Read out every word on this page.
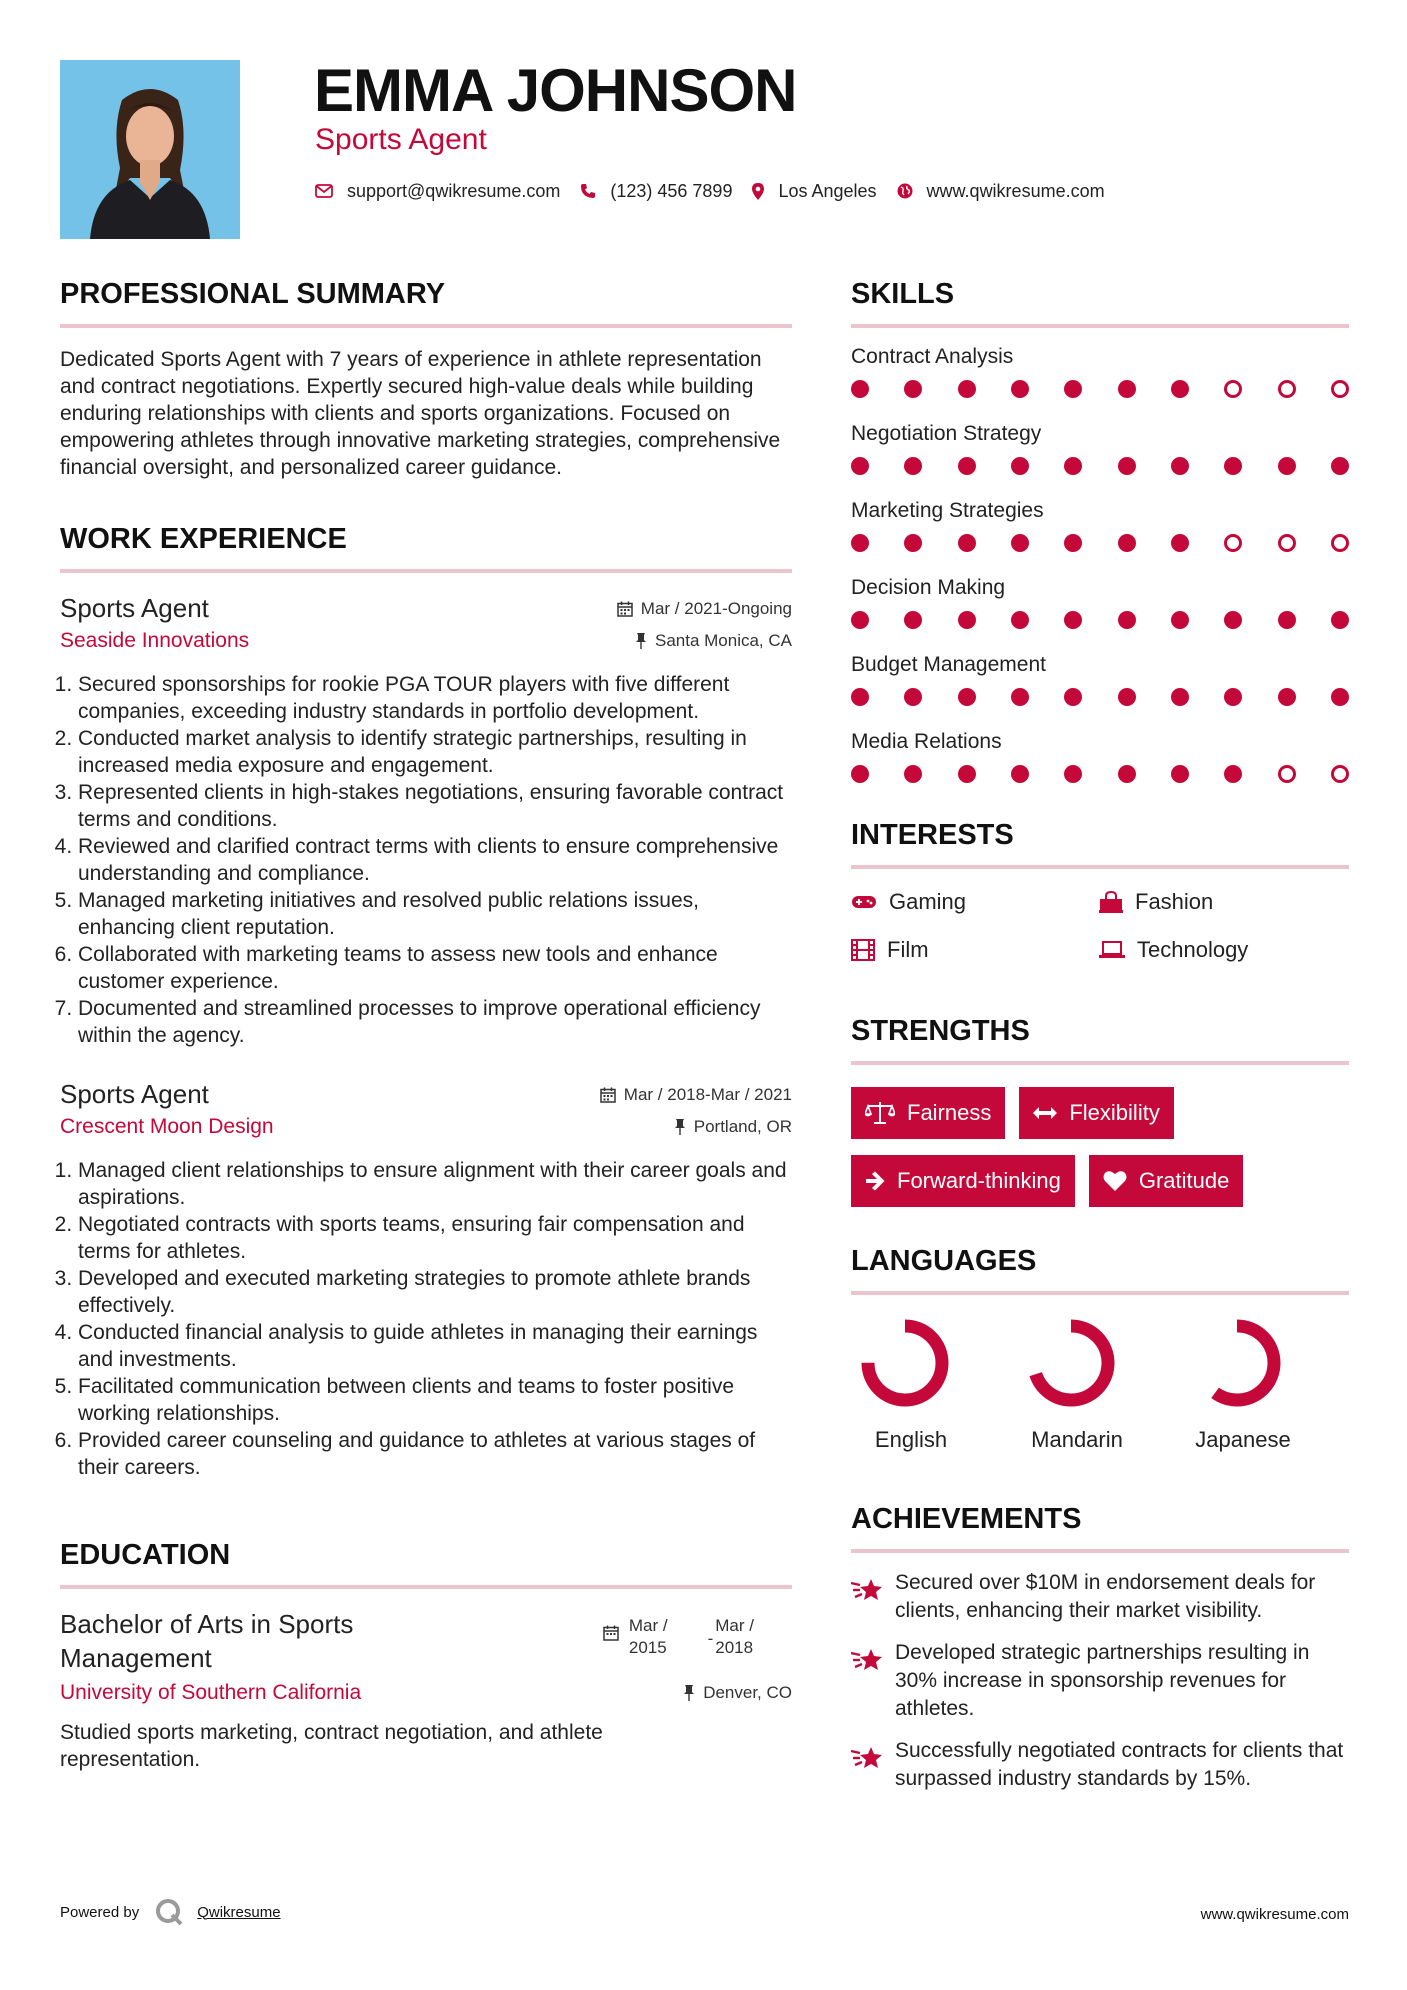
EMMA JOHNSON
Sports Agent
support@qwikresume.com	(123) 456 7899	Los Angeles	www.qwikresume.com
PROFESSIONAL SUMMARY
Dedicated Sports Agent with 7 years of experience in athlete representation and contract negotiations. Expertly secured high-value deals while building enduring relationships with clients and sports organizations. Focused on empowering athletes through innovative marketing strategies, comprehensive financial oversight, and personalized career guidance.
WORK EXPERIENCE
Sports Agent	Mar / 2021-Ongoing
Seaside Innovations	Santa Monica, CA
1. Secured sponsorships for rookie PGA TOUR players with five different companies, exceeding industry standards in portfolio development.
2. Conducted market analysis to identify strategic partnerships, resulting in increased media exposure and engagement.
3. Represented clients in high-stakes negotiations, ensuring favorable contract terms and conditions.
4. Reviewed and clarified contract terms with clients to ensure comprehensive understanding and compliance.
5. Managed marketing initiatives and resolved public relations issues, enhancing client reputation.
6. Collaborated with marketing teams to assess new tools and enhance customer experience.
7. Documented and streamlined processes to improve operational efficiency within the agency.
Sports Agent	Mar / 2018-Mar / 2021
Crescent Moon Design	Portland, OR
1. Managed client relationships to ensure alignment with their career goals and aspirations.
2. Negotiated contracts with sports teams, ensuring fair compensation and terms for athletes.
3. Developed and executed marketing strategies to promote athlete brands effectively.
4. Conducted financial analysis to guide athletes in managing their earnings and investments.
5. Facilitated communication between clients and teams to foster positive working relationships.
6. Provided career counseling and guidance to athletes at various stages of their careers.
EDUCATION
Bachelor of Arts in Sports Management
Mar /
2015 -
Mar /
2018
University of Southern California	Denver, CO
Studied sports marketing, contract negotiation, and athlete representation.
SKILLS
Contract Analysis
Negotiation Strategy
Marketing Strategies
Decision Making
Budget Management
Media Relations
INTERESTS
Gaming	Fashion
Film	Technology
STRENGTHS
Fairness	Flexibility
Forward-thinking	Gratitude
LANGUAGES
English	Mandarin	Japanese
ACHIEVEMENTS
Secured over $10M in endorsement deals for clients, enhancing their market visibility.
Developed strategic partnerships resulting in 30% increase in sponsorship revenues for athletes.
Successfully negotiated contracts for clients that surpassed industry standards by 15%.
Powered by	Qwikresume	www.qwikresume.com
